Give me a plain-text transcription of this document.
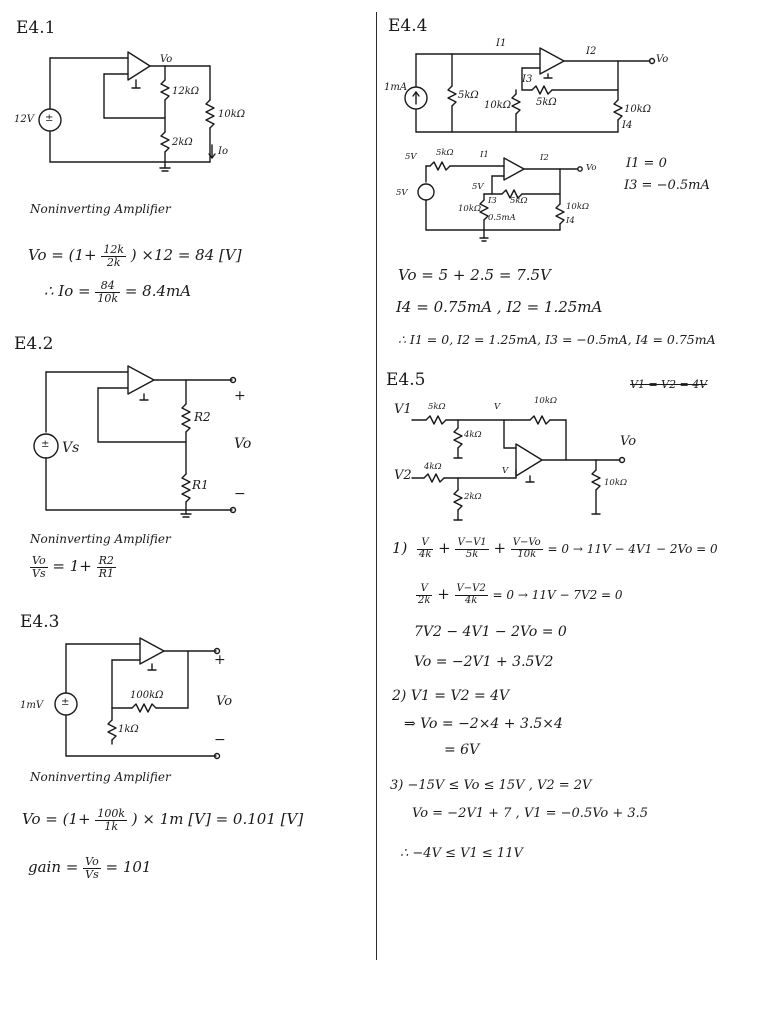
E4.1
±
12V
Vo
12kΩ
2kΩ
10kΩ
Io
Noninverting Amplifier
$Vo = (1+ \frac{12k}{2k}$ ) ×12 = 84 [V]
∴ $Io = \frac{84}{10k} = 8.4mA$
E4.2
± Vs
R2
R1
Vo
+
−
Noninverting Amplifier
$\frac{Vo}{Vs} = 1+ \frac{R2}{R1}$
E4.3
±
1mV
100kΩ
1kΩ
Vo
+
−
Noninverting Amplifier
$Vo = (1+ \frac{100k}{1k}$ ) × 1m [V] = 0.101 [V]
gain = $\frac{Vo}{Vs} = 101$
E4.4
1mA
5kΩ
10kΩ 5kΩ
10kΩ
I1
I2
I3
I4
Vo
5V 5kΩ	I1	I2
Vo
5V
5V
I3 5kΩ
10kΩ
0.5mA
10kΩ
I4
I1 = 0
I3 = −0.5mA
Vo = 5 + 2.5 = 7.5V
I4 = 0.75mA , I2 = 1.25mA
∴ I1 = 0, I2 = 1.25mA, I3 = −0.5mA, I4 = 0.75mA
E4.5	V1 = V2 = 4V
V1 5kΩ	V
10kΩ
4kΩ
V2
4kΩ	V
2kΩ
Vo
10kΩ
$1) \frac{V}{4k} + \frac{V-V1}{5k} + \frac{V-Vo}{10k} = 0 \to 11V - 4V1 - 2Vo = 0$
$\frac{V}{2k} + \frac{V-V2}{4k} = 0 \to 11V - 7V2 = 0$
7V2 − 4V1 − 2Vo = 0
Vo = −2V1 + 3.5V2
2) V1 = V2 = 4V
⇒ Vo = −2×4 + 3.5×4
= 6V
3) −15V ≤ Vo ≤ 15V , V2 = 2V
Vo = −2V1 + 7 , V1 = −0.5Vo + 3.5
∴ −4V ≤ V1 ≤ 11V
